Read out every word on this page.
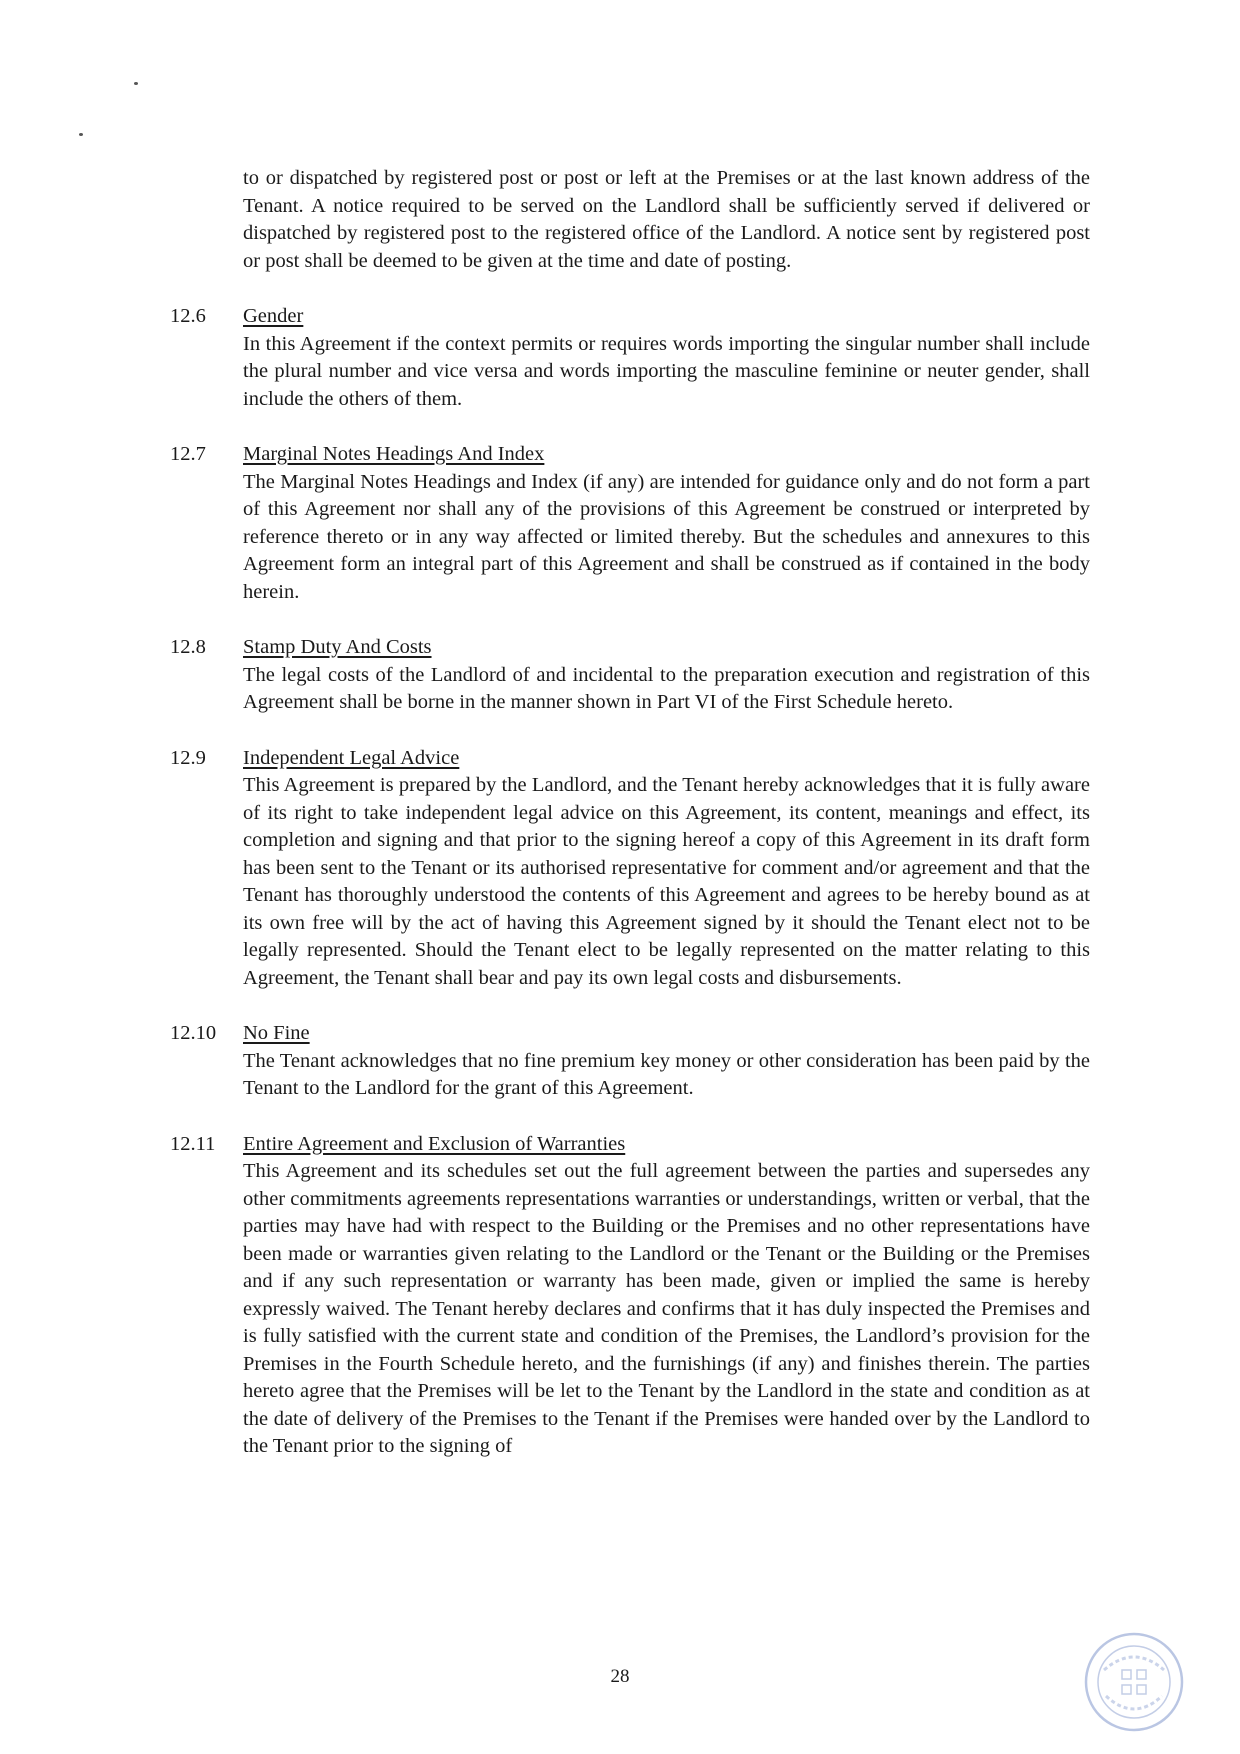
to or dispatched by registered post or post or left at the Premises or at the last known address of the Tenant. A notice required to be served on the Landlord shall be sufficiently served if delivered or dispatched by registered post to the registered office of the Landlord. A notice sent by registered post or post shall be deemed to be given at the time and date of posting.

12.6	Gender
In this Agreement if the context permits or requires words importing the singular number shall include the plural number and vice versa and words importing the masculine feminine or neuter gender, shall include the others of them.
12.7	Marginal Notes Headings And Index
The Marginal Notes Headings and Index (if any) are intended for guidance only and do not form a part of this Agreement nor shall any of the provisions of this Agreement be construed or interpreted by reference thereto or in any way affected or limited thereby. But the schedules and annexures to this Agreement form an integral part of this Agreement and shall be construed as if contained in the body herein.
12.8	Stamp Duty And Costs
The legal costs of the Landlord of and incidental to the preparation execution and registration of this Agreement shall be borne in the manner shown in Part VI of the First Schedule hereto.
12.9	Independent Legal Advice
This Agreement is prepared by the Landlord, and the Tenant hereby acknowledges that it is fully aware of its right to take independent legal advice on this Agreement, its content, meanings and effect, its completion and signing and that prior to the signing hereof a copy of this Agreement in its draft form has been sent to the Tenant or its authorised representative for comment and/or agreement and that the Tenant has thoroughly understood the contents of this Agreement and agrees to be hereby bound as at its own free will by the act of having this Agreement signed by it should the Tenant elect not to be legally represented. Should the Tenant elect to be legally represented on the matter relating to this Agreement, the Tenant shall bear and pay its own legal costs and disbursements.
12.10	No Fine
The Tenant acknowledges that no fine premium key money or other consideration has been paid by the Tenant to the Landlord for the grant of this Agreement.
12.11	Entire Agreement and Exclusion of Warranties
This Agreement and its schedules set out the full agreement between the parties and supersedes any other commitments agreements representations warranties or understandings, written or verbal, that the parties may have had with respect to the Building or the Premises and no other representations have been made or warranties given relating to the Landlord or the Tenant or the Building or the Premises and if any such representation or warranty has been made, given or implied the same is hereby expressly waived. The Tenant hereby declares and confirms that it has duly inspected the Premises and is fully satisfied with the current state and condition of the Premises, the Landlord’s provision for the Premises in the Fourth Schedule hereto, and the furnishings (if any) and finishes therein. The parties hereto agree that the Premises will be let to the Tenant by the Landlord in the state and condition as at the date of delivery of the Premises to the Tenant if the Premises were handed over by the Landlord to the Tenant prior to the signing of
28
